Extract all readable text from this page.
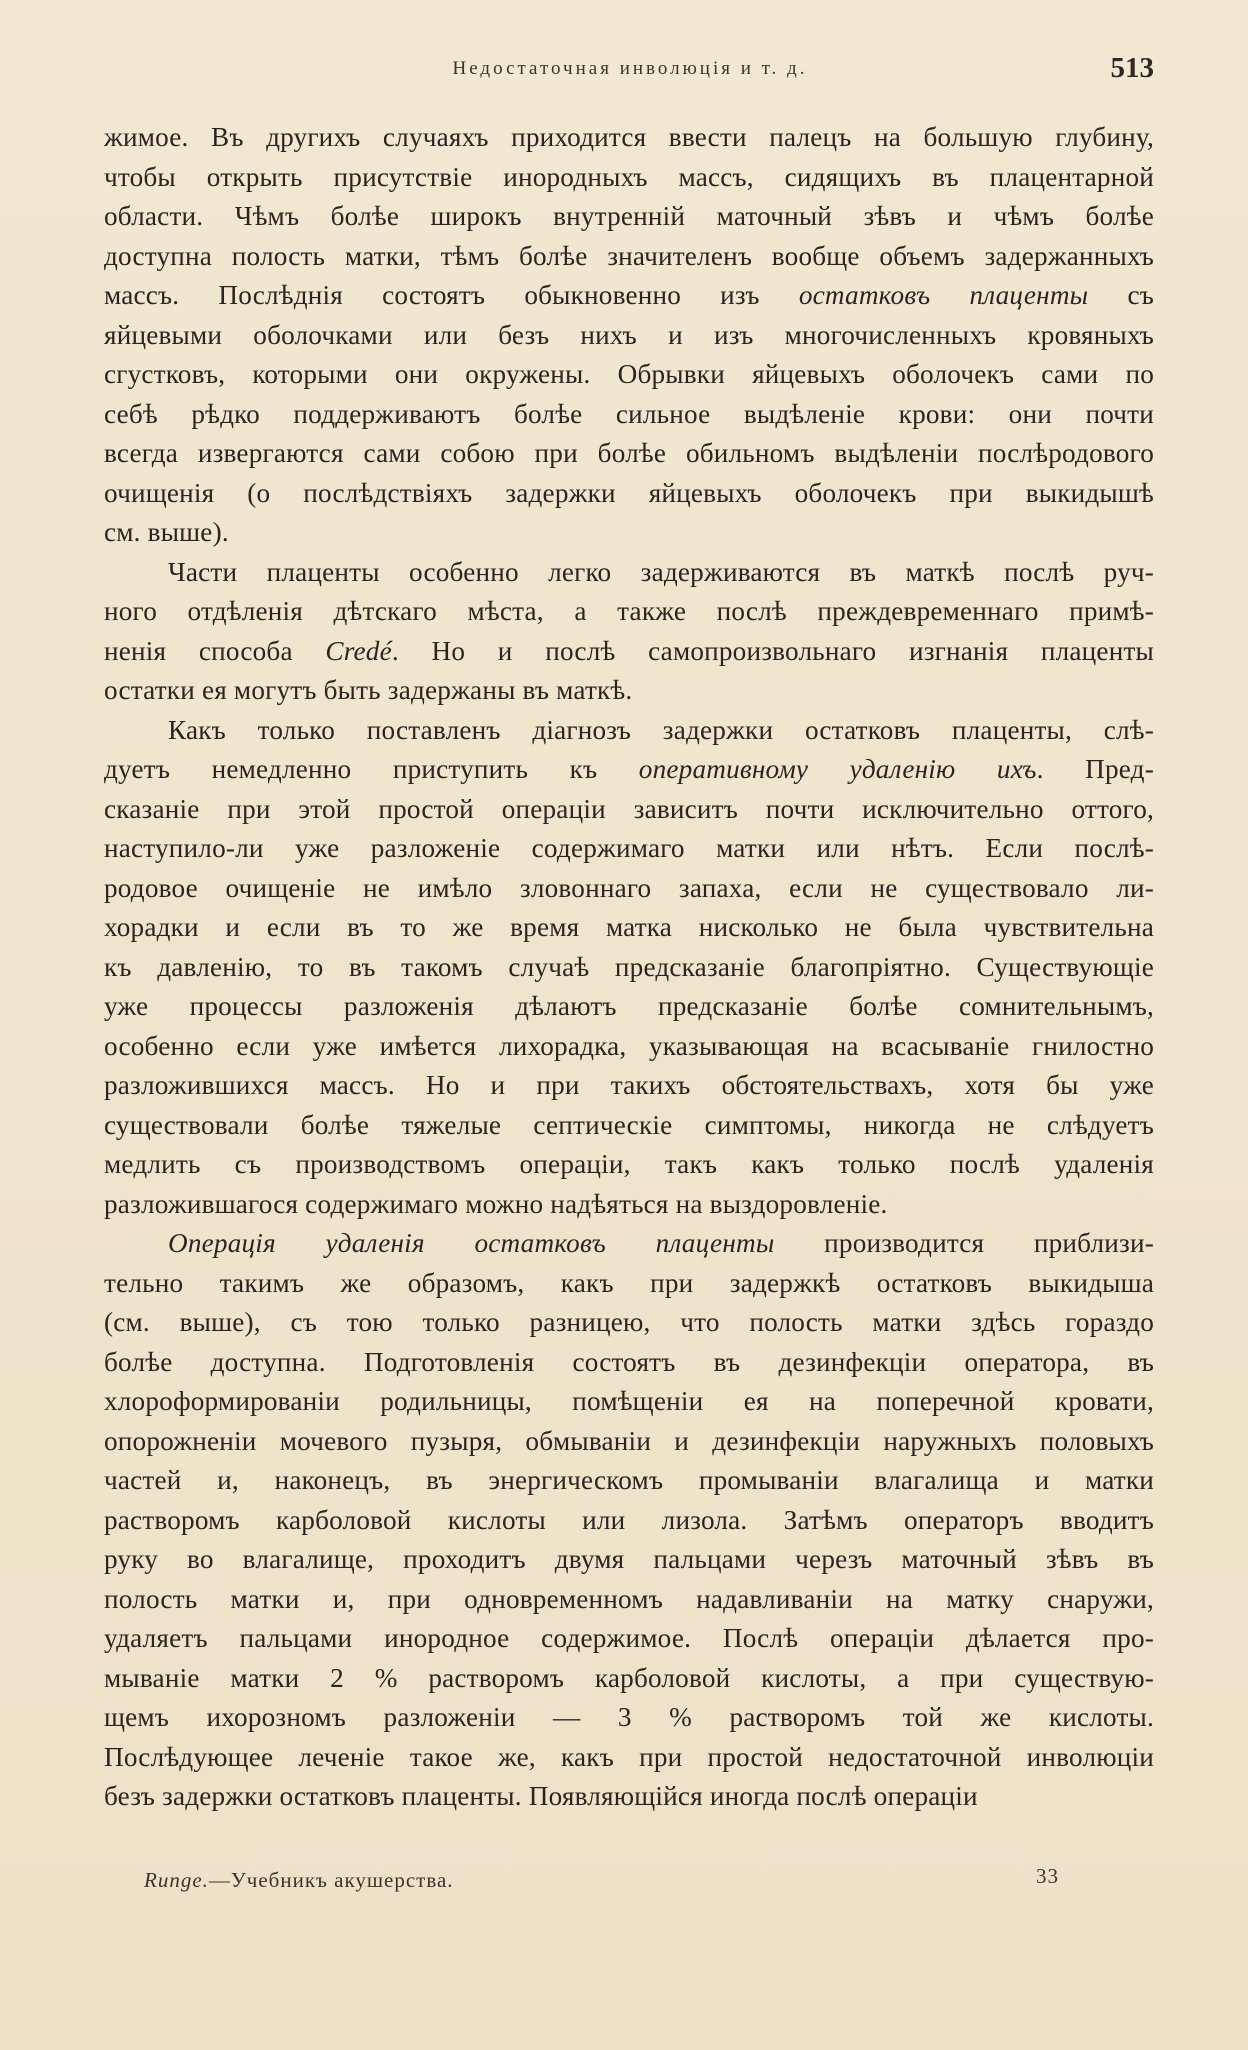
Недостаточная инволюція и т. д.	513
жимое. Въ другихъ случаяхъ приходится ввести палецъ на большую глубину,
чтобы открыть присутствіе инородныхъ массъ, сидящихъ въ плацентарной
области. Чѣмъ болѣе широкъ внутренній маточный зѣвъ и чѣмъ болѣе
доступна полость матки, тѣмъ болѣе значителенъ вообще объемъ задержанныхъ
массъ. Послѣднія состоятъ обыкновенно изъ остатковъ плаценты съ
яйцевыми оболочками или безъ нихъ и изъ многочисленныхъ кровяныхъ
сгустковъ, которыми они окружены. Обрывки яйцевыхъ оболочекъ сами по
себѣ рѣдко поддерживаютъ болѣе сильное выдѣленіе крови: они почти
всегда извергаются сами собою при болѣе обильномъ выдѣленіи послѣродового
очищенія (о послѣдствіяхъ задержки яйцевыхъ оболочекъ при выкидышѣ
см. выше).
Части плаценты особенно легко задерживаются въ маткѣ послѣ руч-
ного отдѣленія дѣтскаго мѣста, а также послѣ преждевременнаго примѣ-
ненія способа Credé. Но и послѣ самопроизвольнаго изгнанія плаценты
остатки ея могутъ быть задержаны въ маткѣ.
Какъ только поставленъ діагнозъ задержки остатковъ плаценты, слѣ-
дуетъ немедленно приступить къ оперативному удаленію ихъ. Пред-
сказаніе при этой простой операціи зависитъ почти исключительно оттого,
наступило-ли уже разложеніе содержимаго матки или нѣтъ. Если послѣ-
родовое очищеніе не имѣло зловоннаго запаха, если не существовало ли-
хорадки и если въ то же время матка нисколько не была чувствительна
къ давленію, то въ такомъ случаѣ предсказаніе благопріятно. Существующіе
уже процессы разложенія дѣлаютъ предсказаніе болѣе сомнительнымъ,
особенно если уже имѣется лихорадка, указывающая на всасываніе гнилостно
разложившихся массъ. Но и при такихъ обстоятельствахъ, хотя бы уже
существовали болѣе тяжелые септическіе симптомы, никогда не слѣдуетъ
медлить съ производствомъ операціи, такъ какъ только послѣ удаленія
разложившагося содержимаго можно надѣяться на выздоровленіе.
Операція удаленія остатковъ плаценты производится приблизи-
тельно такимъ же образомъ, какъ при задержкѣ остатковъ выкидыша
(см. выше), съ тою только разницею, что полость матки здѣсь гораздо
болѣе доступна. Подготовленія состоятъ въ дезинфекціи оператора, въ
хлороформированіи родильницы, помѣщеніи ея на поперечной кровати,
опорожненіи мочевого пузыря, обмываніи и дезинфекціи наружныхъ половыхъ
частей и, наконецъ, въ энергическомъ промываніи влагалища и матки
растворомъ карболовой кислоты или лизола. Затѣмъ операторъ вводитъ
руку во влагалище, проходитъ двумя пальцами черезъ маточный зѣвъ въ
полость матки и, при одновременномъ надавливаніи на матку снаружи,
удаляетъ пальцами инородное содержимое. Послѣ операціи дѣлается про-
мываніе матки 2 % растворомъ карболовой кислоты, а при существую-
щемъ ихорозномъ разложеніи — 3 % растворомъ той же кислоты.
Послѣдующее леченіе такое же, какъ при простой недостаточной инволюціи
безъ задержки остатковъ плаценты. Появляющійся иногда послѣ операціи
Runge.—Учебникъ акушерства.	33
